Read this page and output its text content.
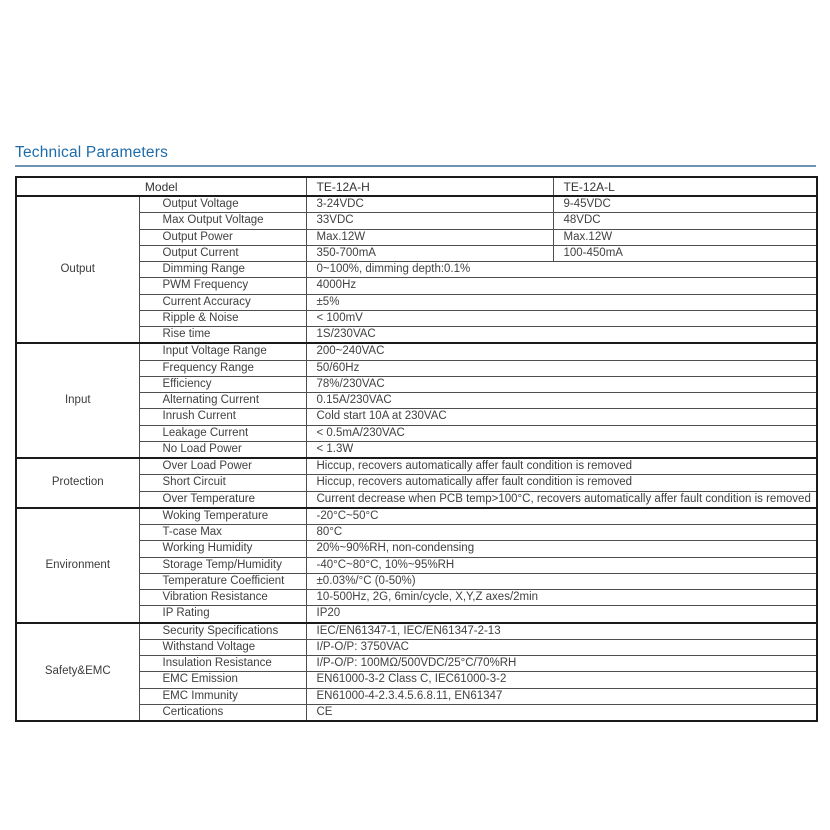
Technical Parameters
Model		TE-12A-H	TE-12A-L
Output	Output Voltage	3-24VDC	9-45VDC
	Max Output Voltage	33VDC	48VDC
	Output Power	Max.12W	Max.12W
	Output Current	350-700mA	100-450mA
	Dimming Range	0~100%, dimming depth:0.1%	
	PWM Frequency	4000Hz	
	Current Accuracy	±5%	
	Ripple & Noise	< 100mV	
	Rise time	1S/230VAC	
Input	Input Voltage Range	200~240VAC	
	Frequency Range	50/60Hz	
	Efficiency	78%/230VAC	
	Alternating Current	0.15A/230VAC	
	Inrush Current	Cold start 10A at 230VAC	
	Leakage Current	< 0.5mA/230VAC	
	No Load Power	< 1.3W	
Protection	Over Load Power	Hiccup, recovers automatically affer fault condition is removed	
	Short Circuit	Hiccup, recovers automatically affer fault condition is removed	
	Over Temperature	Current decrease when PCB temp>100°C, recovers automatically affer fault condition is removed	
Environment	Woking Temperature	-20°C~50°C	
	T-case Max	80°C	
	Working Humidity	20%~90%RH, non-condensing	
	Storage Temp/Humidity	-40°C~80°C, 10%~95%RH	
	Temperature Coefficient	±0.03%/°C (0-50%)	
	Vibration Resistance	10-500Hz, 2G, 6min/cycle, X,Y,Z axes/2min	
	IP Rating	IP20	
Safety&EMC	Security Specifications	IEC/EN61347-1, IEC/EN61347-2-13	
	Withstand Voltage	I/P-O/P: 3750VAC	
	Insulation Resistance	I/P-O/P: 100MΩ/500VDC/25°C/70%RH	
	EMC Emission	EN61000-3-2 Class C, IEC61000-3-2	
	EMC Immunity	EN61000-4-2.3.4.5.6.8.11, EN61347	
	Certications	CE	
